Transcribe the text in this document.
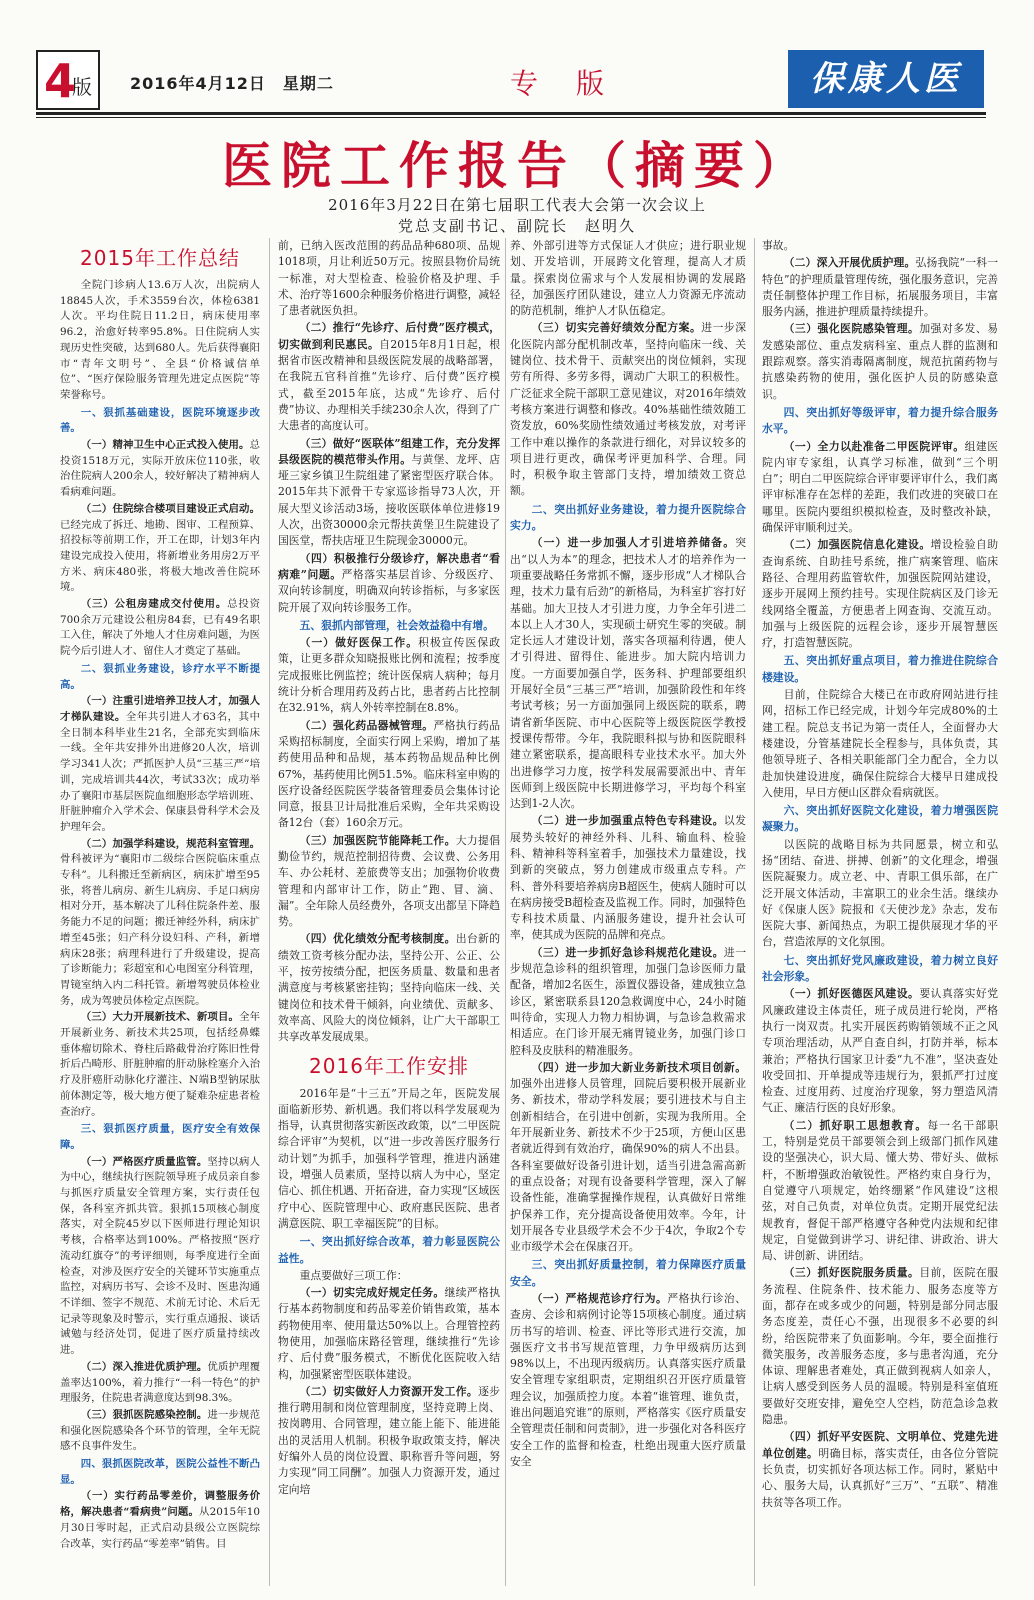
4
版 2016年4月12日　星期二	专版	保康人医
医院工作报告（摘要）
2016年3月22日在第七届职工代表大会第一次会议上
党总支副书记、副院长　赵明久
2015年工作总结

全院门诊病人13.6万人次，出院病人18845人次，手术3559台次，体检6381人次。平均住院日11.2日，病床使用率96.2，治愈好转率95.8%。日住院病人实现历史性突破，达到680人。先后获得襄阳市“青年文明号”、全县“价格诚信单位”、“医疗保险服务管理先进定点医院”等荣誉称号。

一、狠抓基础建设，医院环境逐步改善。

（一）精神卫生中心正式投入使用。总投资1518万元，实际开放床位110张，收治住院病人200余人，较好解决了精神病人看病难问题。

（二）住院综合楼项目建设正式启动。已经完成了拆迁、地勘、图审、工程预算、招投标等前期工作，开工在即，计划3年内建设完成投入使用，将新增业务用房2万平方米、病床480张，将极大地改善住院环境。

（三）公租房建成交付使用。总投资700余万元建设公租房84套，已有49名职工入住，解决了外地人才住房难问题，为医院今后引进人才、留住人才奠定了基础。

二、狠抓业务建设，诊疗水平不断提高。

（一）注重引进培养卫技人才，加强人才梯队建设。全年共引进人才63名，其中全日制本科毕业生21名，全部充实到临床一线。全年共安排外出进修20人次，培训学习341人次；严抓医护人员“三基三严”培训，完成培训共44次，考试33次；成功举办了襄阳市基层医院血细胞形态学培训班、肝脏肿瘤介入学术会、保康县骨科学术会及护理年会。

（二）加强学科建设，规范科室管理。骨科被评为“襄阳市二级综合医院临床重点专科”。儿科搬迁至新病区，病床扩增至95张，将普儿病房、新生儿病房、手足口病房相对分开，基本解决了儿科住院条件差、服务能力不足的问题；搬迁神经外科，病床扩增至45张；妇产科分设妇科、产科，新增病床28张；病理科进行了升级建设，提高了诊断能力；彩超室和心电图室分科管理，胃镜室纳入内二科托管。新增驾驶员体检业务，成为驾驶员体检定点医院。

（三）大力开展新技术、新项目。全年开展新业务、新技术共25项，包括经鼻蝶垂体瘤切除术、脊柱后路截骨治疗陈旧性骨折后凸畸形、肝脏肿瘤的肝动脉栓塞介入治疗及肝癌肝动脉化疗灌注、N端B型钠尿肽前体测定等，极大地方便了疑难杂症患者检查治疗。

三、狠抓医疗质量，医疗安全有效保障。

（一）严格医疗质量监管。坚持以病人为中心，继续执行医院领导班子成员亲自参与抓医疗质量安全管理方案，实行责任包保，各科室齐抓共管。狠抓15项核心制度落实，对全院45岁以下医师进行理论知识考核，合格率达到100%。严格按照“医疗流动红旗夺”的考评细则，每季度进行全面检查，对涉及医疗安全的关键环节实施重点监控，对病历书写、会诊不及时、医患沟通不详细、签字不规范、术前无讨论、术后无记录等现象及时警示，实行重点通报、谈话诫勉与经济处罚，促进了医疗质量持续改进。

（二）深入推进优质护理。优质护理覆盖率达100%，着力推行“一科一特色”的护理服务，住院患者满意度达到98.3%。

（三）狠抓医院感染控制。进一步规范和强化医院感染各个环节的管理，全年无院感不良事件发生。

四、狠抓医院改革，医院公益性不断凸显。

（一）实行药品零差价，调整服务价格，解决患者“看病贵”问题。从2015年10月30日零时起，正式启动县级公立医院综合改革，实行药品“零差率”销售。目

前，已纳入医改范围的药品品种680项、品规1018项，月让利近50万元。按照县物价局统一标准，对大型检查、检验价格及护理、手术、治疗等1600余种服务价格进行调整，减轻了患者就医负担。

（二）推行“先诊疗、后付费”医疗模式，切实做到利民惠民。自2015年8月1日起，根据省市医改精神和县级医院发展的战略部署，在我院五官科首推“先诊疗、后付费”医疗模式，截至2015年底，达成“先诊疗、后付费”协议、办理相关手续230余人次，得到了广大患者的高度认可。

（三）做好“医联体”组建工作，充分发挥县级医院的模范带头作用。与黄堡、龙坪、店垭三家乡镇卫生院组建了紧密型医疗联合体。2015年共下派骨干专家巡诊指导73人次，开展大型义诊活动3场，接收医联体单位进修19人次，出资30000余元帮扶黄堡卫生院建设了国医堂，帮扶店垭卫生院现金30000元。

（四）积极推行分级诊疗，解决患者“看病难”问题。严格落实基层首诊、分级医疗、双向转诊制度，明确双向转诊指标，与多家医院开展了双向转诊服务工作。

五、狠抓内部管理，社会效益稳中有增。

（一）做好医保工作。积极宣传医保政策，让更多群众知晓报账比例和流程；按季度完成报账比例监控；统计医保病人病种；每月统计分析合理用药及药占比，患者药占比控制在32.91%，病人外转率控制在8.8%。

（二）强化药品器械管理。严格执行药品采购招标制度，全面实行网上采购，增加了基药使用品种和品规，基本药物品规品种比例67%，基药使用比例51.5%。临床科室申购的医疗设备经医院医学装备管理委员会集体讨论同意，报县卫计局批准后采购，全年共采购设备12台（套）160余万元。

（三）加强医院节能降耗工作。大力提倡勤俭节约，规范控制招待费、会议费、公务用车、办公耗材、差旅费等支出；加强物价收费管理和内部审计工作，防止“跑、冒、滴、漏”。全年除人员经费外，各项支出都呈下降趋势。

（四）优化绩效分配考核制度。出台新的绩效工资考核分配办法，坚持公开、公正、公平，按劳按绩分配，把医务质量、数量和患者满意度与考核紧密挂钩；坚持向临床一线、关键岗位和技术骨干倾斜，向业绩优、贡献多、效率高、风险大的岗位倾斜，让广大干部职工共享改革发展成果。

2016年工作安排

2016年是“十三五”开局之年，医院发展面临新形势、新机遇。我们将以科学发展观为指导，认真贯彻落实新医改政策，以“二甲医院综合评审”为契机，以“进一步改善医疗服务行动计划”为抓手，加强科学管理，推进内涵建设，增强人员素质，坚持以病人为中心，坚定信心、抓住机遇、开拓奋进，奋力实现“区域医疗中心、医院管理中心、政府惠民医院、患者满意医院、职工幸福医院”的目标。

一、突出抓好综合改革，着力彰显医院公益性。

重点要做好三项工作：

（一）切实完成好规定任务。继续严格执行基本药物制度和药品零差价销售政策，基本药物使用率、使用量达50%以上。合理管控药物使用，加强临床路径管理，继续推行“先诊疗、后付费”服务模式，不断优化医院收入结构，加强紧密型医联体建设。

（二）切实做好人力资源开发工作。逐步推行聘用制和岗位管理制度，坚持竞聘上岗、按岗聘用、合同管理，建立能上能下、能进能出的灵活用人机制。积极争取政策支持，解决好编外人员的岗位设置、职称晋升等问题，努力实现“同工同酬”。加强人力资源开发，通过定向培

养、外部引进等方式保证人才供应；进行职业规划、开发培训，开展跨文化管理，提高人才质量。探索岗位需求与个人发展相协调的发展路径，加强医疗团队建设，建立人力资源无序流动的防范机制，维护人才队伍稳定。

（三）切实完善好绩效分配方案。进一步深化医院内部分配机制改革，坚持向临床一线、关键岗位、技术骨干、贡献突出的岗位倾斜，实现劳有所得、多劳多得，调动广大职工的积极性。广泛征求全院干部职工意见建议，对2016年绩效考核方案进行调整和修改。40%基础性绩效随工资发放，60%奖励性绩效通过考核发放，对考评工作中难以操作的条款进行细化，对异议较多的项目进行更改，确保考评更加科学、合理。同时，积极争取主管部门支持，增加绩效工资总额。

二、突出抓好业务建设，着力提升医院综合实力。

（一）进一步加强人才引进培养储备。突出“以人为本”的理念，把技术人才的培养作为一项重要战略任务常抓不懈，逐步形成“人才梯队合理，技术力量有后劲”的新格局，为科室扩容打好基础。加大卫技人才引进力度，力争全年引进二本以上人才30人，实现硕士研究生零的突破。制定长远人才建设计划，落实各项福利待遇，使人才引得进、留得住、能进步。加大院内培训力度。一方面要加强自学，医务科、护理部要组织开展好全员“三基三严”培训，加强阶段性和年终考试考核；另一方面加强同上级医院的联系，聘请省新华医院、市中心医院等上级医院医学教授授课传帮带。今年，我院眼科拟与协和医院眼科建立紧密联系，提高眼科专业技术水平。加大外出进修学习力度，按学科发展需要派出中、青年医师到上级医院中长期进修学习，平均每个科室达到1-2人次。

（二）进一步加强重点特色专科建设。以发展势头较好的神经外科、儿科、输血科、检验科、精神科等科室着手，加强技术力量建设，找到新的突破点，努力创建成市级重点专科。产科、普外科要培养病房B超医生，使病人随时可以在病房接受B超检查及监视工作。同时，加强特色专科技术质量、内涵服务建设，提升社会认可率，使其成为医院的品牌和亮点。

（三）进一步抓好急诊科规范化建设。进一步规范急诊科的组织管理，加强门急诊医师力量配备，增加2名医生，添置仪器设备，建成独立急诊区，紧密联系县120急救调度中心，24小时随叫待命，实现人力物力相协调，与急诊急救需求相适应。在门诊开展无痛胃镜业务，加强门诊口腔科及皮肤科的精准服务。

（四）进一步加大新业务新技术项目创新。加强外出进修人员管理，回院后要积极开展新业务、新技术，带动学科发展；要引进技术与自主创新相结合，在引进中创新，实现为我所用。全年开展新业务、新技术不少于25项，方便山区患者就近得到有效治疗，确保90%的病人不出县。各科室要做好设备引进计划，适当引进急需高新的重点设备；对现有设备要科学管理，深入了解设备性能，准确掌握操作规程，认真做好日常维护保养工作，充分提高设备使用效率。今年，计划开展各专业县级学术会不少于4次，争取2个专业市级学术会在保康召开。

三、突出抓好质量控制，着力保障医疗质量安全。

（一）严格规范诊疗行为。严格执行诊治、查房、会诊和病例讨论等15项核心制度。通过病历书写的培训、检查、评比等形式进行交流，加强医疗文书书写规范管理，力争甲级病历达到98%以上，不出现丙级病历。认真落实医疗质量安全管理专家组职责，定期组织召开医疗质量管理会议，加强质控力度。本着“谁管理、谁负责，谁出问题追究谁”的原则，严格落实《医疗质量安全管理责任制和问责制》，进一步强化对各科医疗安全工作的监督和检查，杜绝出现重大医疗质量安全

事故。

（二）深入开展优质护理。弘扬我院“一科一特色”的护理质量管理传统，强化服务意识，完善责任制整体护理工作目标，拓展服务项目，丰富服务内涵，推进护理质量持续提升。

（三）强化医院感染管理。加强对多发、易发感染部位、重点发病科室、重点人群的监测和跟踪观察。落实消毒隔离制度，规范抗菌药物与抗感染药物的使用，强化医护人员的防感染意识。

四、突出抓好等级评审，着力提升综合服务水平。

（一）全力以赴准备二甲医院评审。组建医院内审专家组，认真学习标准，做到“三个明白”；明白二甲医院综合评审要评审什么，我们离评审标准存在怎样的差距，我们改进的突破口在哪里。医院内要组织模拟检查，及时整改补缺，确保评审顺利过关。

（二）加强医院信息化建设。增设检验自助查询系统、自助挂号系统，推广病案管理、临床路径、合理用药监管软件，加强医院网站建设，逐步开展网上预约挂号。实现住院病区及门诊无线网络全覆盖，方便患者上网查询、交流互动。加强与上级医院的远程会诊，逐步开展智慧医疗，打造智慧医院。

五、突出抓好重点项目，着力推进住院综合楼建设。

目前，住院综合大楼已在市政府网站进行挂网，招标工作已经完成，计划今年完成80%的土建工程。院总支书记为第一责任人，全面督办大楼建设，分管基建院长全程参与，具体负责，其他领导班子、各相关职能部门全力配合，全力以赴加快建设进度，确保住院综合大楼早日建成投入使用，早日方便山区群众看病就医。

六、突出抓好医院文化建设，着力增强医院凝聚力。

以医院的战略目标为共同愿景，树立和弘扬“团结、奋进、拼搏、创新”的文化理念，增强医院凝聚力。成立老、中、青职工俱乐部，在广泛开展文体活动，丰富职工的业余生活。继续办好《保康人医》院报和《天使沙龙》杂志，发布医院大事、新闻热点，为职工提供展现才华的平台，营造浓厚的文化氛围。

七、突出抓好党风廉政建设，着力树立良好社会形象。

（一）抓好医德医风建设。要认真落实好党风廉政建设主体责任，班子成员进行轮岗，严格执行一岗双责。扎实开展医药购销领域不正之风专项治理活动，从严自查自纠，打防并举，标本兼治；严格执行国家卫计委“九不准”，坚决查处收受回扣、开单提成等违规行为，狠抓严打过度检查、过度用药、过度治疗现象，努力塑造风清气正、廉洁行医的良好形象。

（二）抓好职工思想教育。每一名干部职工，特别是党员干部要领会到上级部门抓作风建设的坚强决心，识大局、懂大势、带好头、做标杆，不断增强政治敏锐性。严格约束自身行为，自觉遵守八项规定，始终绷紧“作风建设”这根弦，对自己负责，对单位负责。定期开展党纪法规教育，督促干部严格遵守各种党内法规和纪律规定，自觉做到讲学习、讲纪律、讲政治、讲大局、讲创新、讲团结。

（三）抓好医院服务质量。目前，医院在服务流程、住院条件、技术能力、服务态度等方面，都存在或多或少的问题，特别是部分同志服务态度差，责任心不强，出现很多不必要的纠纷，给医院带来了负面影响。今年，要全面推行微笑服务，改善服务态度，多与患者沟通，充分体谅、理解患者难处，真正做到视病人如亲人，让病人感受到医务人员的温暖。特别是科室值班要做好交班安排，避免空人空档，防范急诊急救隐患。

（四）抓好平安医院、文明单位、党建先进单位创建。明确目标，落实责任，由各位分管院长负责，切实抓好各项达标工作。同时，紧贴中心、服务大局，认真抓好“三万”、“五联”、精准扶贫等各项工作。
